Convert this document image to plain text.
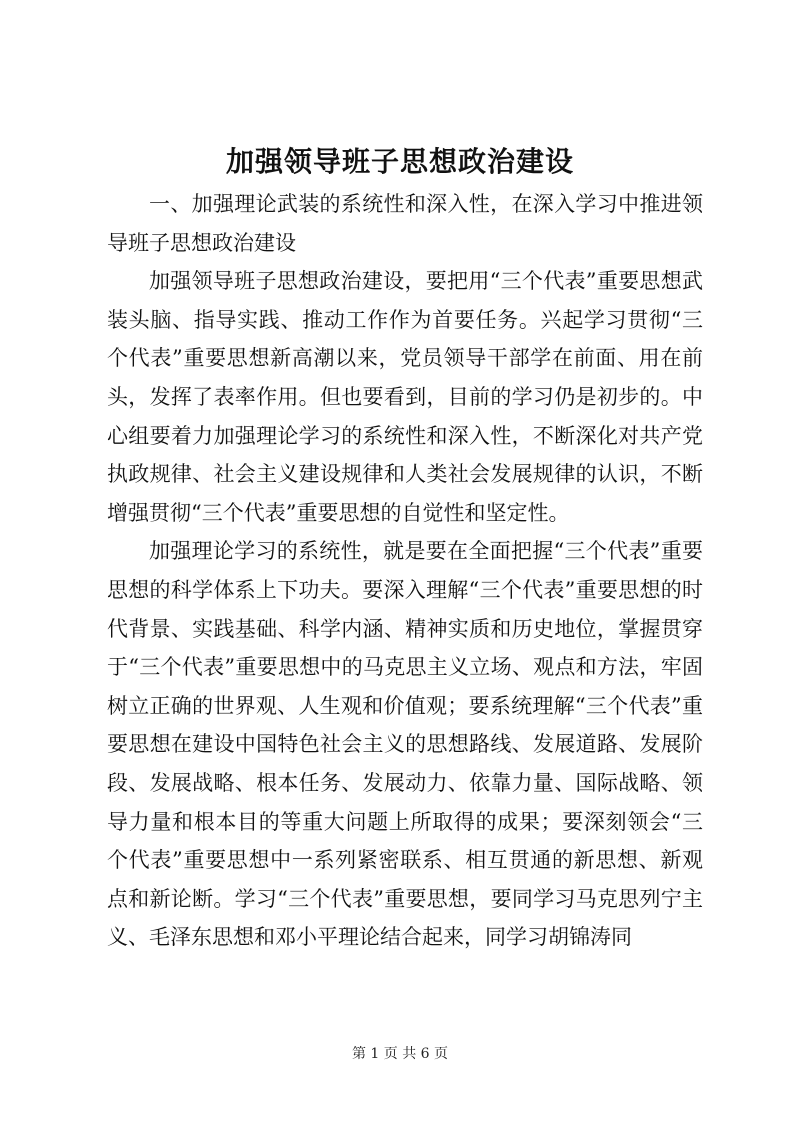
加强领导班子思想政治建设

一、加强理论武装的系统性和深入性，在深入学习中推进领导班子思想政治建设

加强领导班子思想政治建设，要把用“三个代表”重要思想武装头脑、指导实践、推动工作作为首要任务。兴起学习贯彻“三个代表”重要思想新高潮以来，党员领导干部学在前面、用在前头，发挥了表率作用。但也要看到，目前的学习仍是初步的。中心组要着力加强理论学习的系统性和深入性，不断深化对共产党执政规律、社会主义建设规律和人类社会发展规律的认识，不断增强贯彻“三个代表”重要思想的自觉性和坚定性。

加强理论学习的系统性，就是要在全面把握“三个代表”重要思想的科学体系上下功夫。要深入理解“三个代表”重要思想的时代背景、实践基础、科学内涵、精神实质和历史地位，掌握贯穿于“三个代表”重要思想中的马克思主义立场、观点和方法，牢固树立正确的世界观、人生观和价值观；要系统理解“三个代表”重要思想在建设中国特色社会主义的思想路线、发展道路、发展阶段、发展战略、根本任务、发展动力、依靠力量、国际战略、领导力量和根本目的等重大问题上所取得的成果；要深刻领会“三个代表”重要思想中一系列紧密联系、相互贯通的新思想、新观点和新论断。学习“三个代表”重要思想，要同学习马克思列宁主义、毛泽东思想和邓小平理论结合起来，同学习胡锦涛同

第 1 页 共 6 页
